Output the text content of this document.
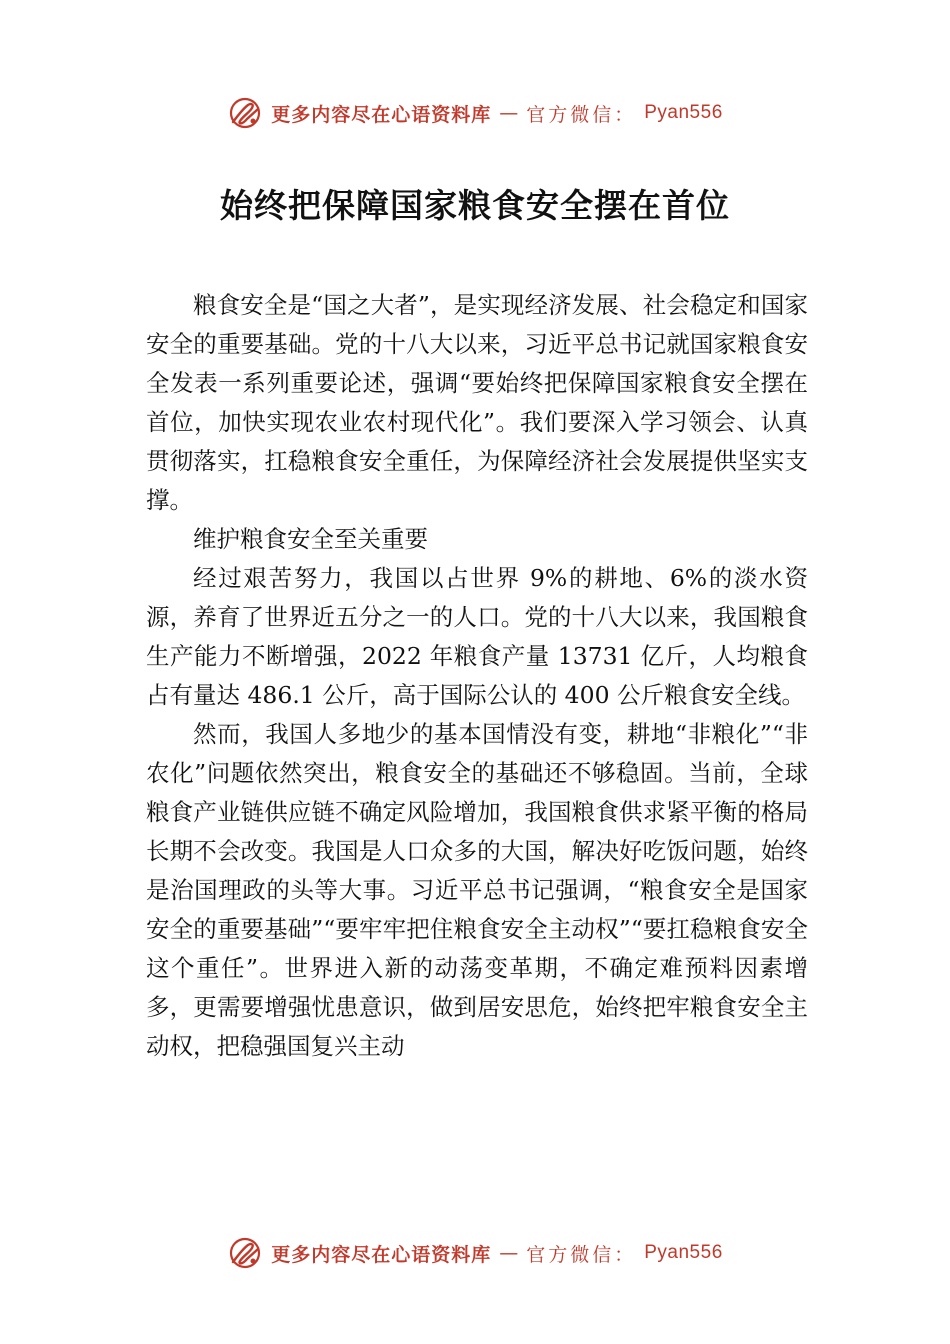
更多内容尽在心语资料库 — 官方微信： Pyan556
始终把保障国家粮食安全摆在首位

粮食安全是“国之大者”，是实现经济发展、社会稳定和国家安全的重要基础。党的十八大以来，习近平总书记就国家粮食安全发表一系列重要论述，强调“要始终把保障国家粮食安全摆在首位，加快实现农业农村现代化”。我们要深入学习领会、认真贯彻落实，扛稳粮食安全重任，为保障经济社会发展提供坚实支撑。

维护粮食安全至关重要

经过艰苦努力，我国以占世界 9%的耕地、6%的淡水资源，养育了世界近五分之一的人口。党的十八大以来，我国粮食生产能力不断增强，2022 年粮食产量 13731 亿斤，人均粮食占有量达 486.1 公斤，高于国际公认的 400 公斤粮食安全线。

然而，我国人多地少的基本国情没有变，耕地“非粮化”“非农化”问题依然突出，粮食安全的基础还不够稳固。当前，全球粮食产业链供应链不确定风险增加，我国粮食供求紧平衡的格局长期不会改变。我国是人口众多的大国，解决好吃饭问题，始终是治国理政的头等大事。习近平总书记强调，“粮食安全是国家安全的重要基础”“要牢牢把住粮食安全主动权”“要扛稳粮食安全这个重任”。世界进入新的动荡变革期，不确定难预料因素增多，更需要增强忧患意识，做到居安思危，始终把牢粮食安全主动权，把稳强国复兴主动

更多内容尽在心语资料库 — 官方微信： Pyan556
